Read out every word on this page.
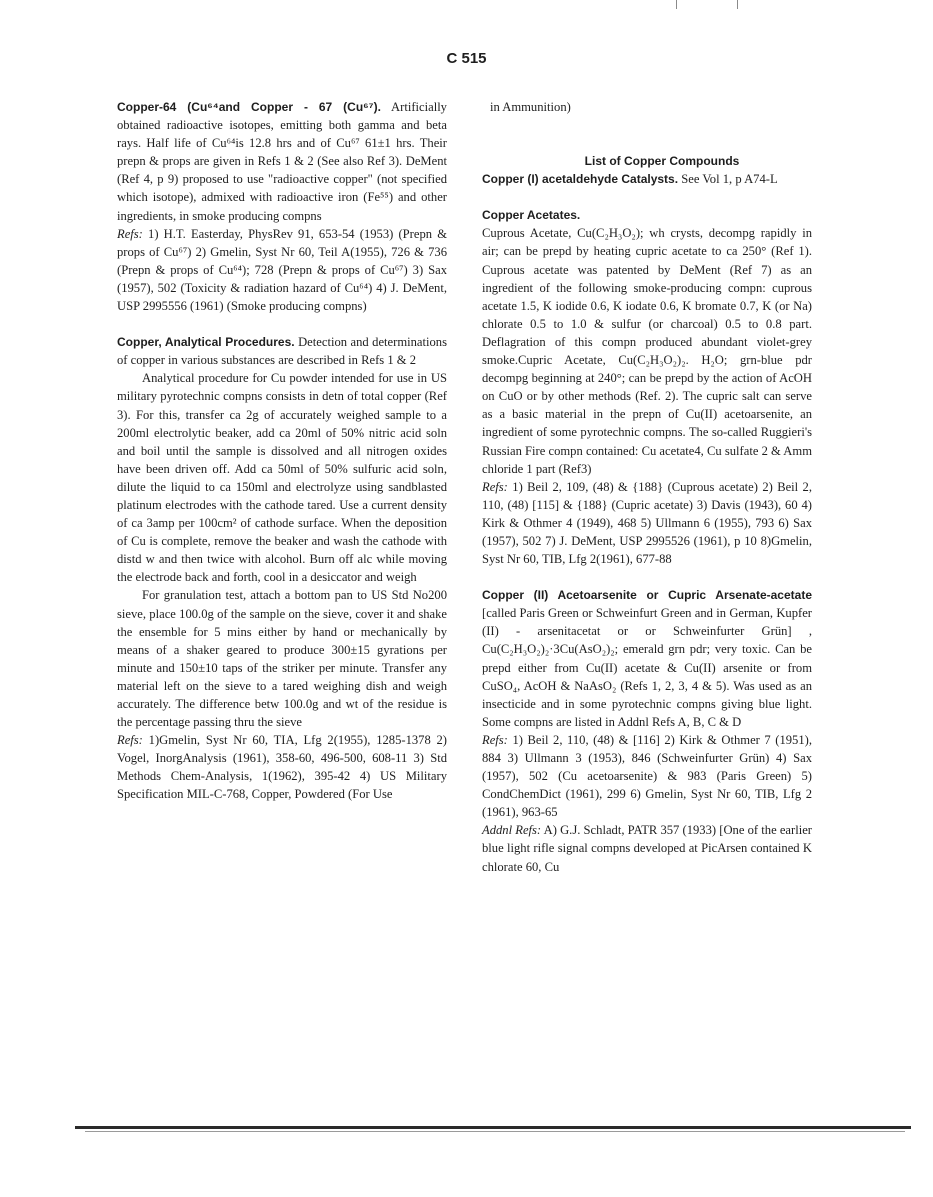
C 515

Copper-64 (Cu⁶⁴and Copper - 67 (Cu⁶⁷). Artificially obtained radioactive isotopes, emitting both gamma and beta rays. Half life of Cu⁶⁴is 12.8 hrs and of Cu⁶⁷ 61±1 hrs. Their prepn & props are given in Refs 1 & 2 (See also Ref 3). DeMent (Ref 4, p 9) proposed to use "radioactive copper" (not specified which isotope), admixed with radioactive iron (Fe⁵⁵) and other ingredients, in smoke producing compns

Refs: 1) H.T. Easterday, PhysRev 91, 653-54 (1953) (Prepn & props of Cu⁶⁷) 2) Gmelin, Syst Nr 60, Teil A(1955), 726 & 736 (Prepn & props of Cu⁶⁴); 728 (Prepn & props of Cu⁶⁷) 3) Sax (1957), 502 (Toxicity & radiation hazard of Cu⁶⁴) 4) J. DeMent, USP 2995556 (1961) (Smoke producing compns)

Copper, Analytical Procedures. Detection and determinations of copper in various substances are described in Refs 1 & 2

Analytical procedure for Cu powder intended for use in US military pyrotechnic compns consists in detn of total copper (Ref 3). For this, transfer ca 2g of accurately weighed sample to a 200ml electrolytic beaker, add ca 20ml of 50% nitric acid soln and boil until the sample is dissolved and all nitrogen oxides have been driven off. Add ca 50ml of 50% sulfuric acid soln, dilute the liquid to ca 150ml and electrolyze using sandblasted platinum electrodes with the cathode tared. Use a current density of ca 3amp per 100cm² of cathode surface. When the deposition of Cu is complete, remove the beaker and wash the cathode with distd w and then twice with alcohol. Burn off alc while moving the electrode back and forth, cool in a desiccator and weigh

For granulation test, attach a bottom pan to US Std No200 sieve, place 100.0g of the sample on the sieve, cover it and shake the ensemble for 5 mins either by hand or mechanically by means of a shaker geared to produce 300±15 gyrations per minute and 150±10 taps of the striker per minute. Transfer any material left on the sieve to a tared weighing dish and weigh accurately. The difference betw 100.0g and wt of the residue is the percentage passing thru the sieve

Refs: 1)Gmelin, Syst Nr 60, TIA, Lfg 2(1955), 1285-1378 2) Vogel, InorgAnalysis (1961), 358-60, 496-500, 608-11 3) Std Methods Chem-Analysis, 1(1962), 395-42 4) US Military Specification MIL-C-768, Copper, Powdered (For Use

in Ammunition)

List of Copper Compounds

Copper (I) acetaldehyde Catalysts. See Vol 1, p A74-L

Copper Acetates.

Cuprous Acetate, Cu(C₂H₃O₂); wh crysts, decompg rapidly in air; can be prepd by heating cupric acetate to ca 250° (Ref 1). Cuprous acetate was patented by DeMent (Ref 7) as an ingredient of the following smoke-producing compn: cuprous acetate 1.5, K iodide 0.6, K iodate 0.6, K bromate 0.7, K (or Na) chlorate 0.5 to 1.0 & sulfur (or charcoal) 0.5 to 0.8 part. Deflagration of this compn produced abundant violet-grey smoke.Cupric Acetate, Cu(C₂H₃O₂)₂. H₂O; grn-blue pdr decompg beginning at 240°; can be prepd by the action of AcOH on CuO or by other methods (Ref. 2). The cupric salt can serve as a basic material in the prepn of Cu(II) acetoarsenite, an ingredient of some pyrotechnic compns. The so-called Ruggieri's Russian Fire compn contained: Cu acetate4, Cu sulfate 2 & Amm chloride 1 part (Ref3)

Refs: 1) Beil 2, 109, (48) & {188} (Cuprous acetate) 2) Beil 2, 110, (48) [115] & {188} (Cupric acetate) 3) Davis (1943), 60 4) Kirk & Othmer 4 (1949), 468 5) Ullmann 6 (1955), 793 6) Sax (1957), 502 7) J. DeMent, USP 2995526 (1961), p 10 8)Gmelin, Syst Nr 60, TIB, Lfg 2(1961), 677-88

Copper (II) Acetoarsenite or Cupric Arsenate-acetate [called Paris Green or Schweinfurt Green and in German, Kupfer (II) - arsenitacetat or or Schweinfurter Grün] , Cu(C₂H₃O₂)₂·3Cu(AsO₂)₂; emerald grn pdr; very toxic. Can be prepd either from Cu(II) acetate & Cu(II) arsenite or from CuSO₄, AcOH & NaAsO₂ (Refs 1, 2, 3, 4 & 5). Was used as an insecticide and in some pyrotechnic compns giving blue light. Some compns are listed in Addnl Refs A, B, C & D

Refs: 1) Beil 2, 110, (48) & [116] 2) Kirk & Othmer 7 (1951), 884 3) Ullmann 3 (1953), 846 (Schweinfurter Grün) 4) Sax (1957), 502 (Cu acetoarsenite) & 983 (Paris Green) 5) CondChemDict (1961), 299 6) Gmelin, Syst Nr 60, TIB, Lfg 2 (1961), 963-65

Addnl Refs: A) G.J. Schladt, PATR 357 (1933) [One of the earlier blue light rifle signal compns developed at PicArsen contained K chlorate 60, Cu
